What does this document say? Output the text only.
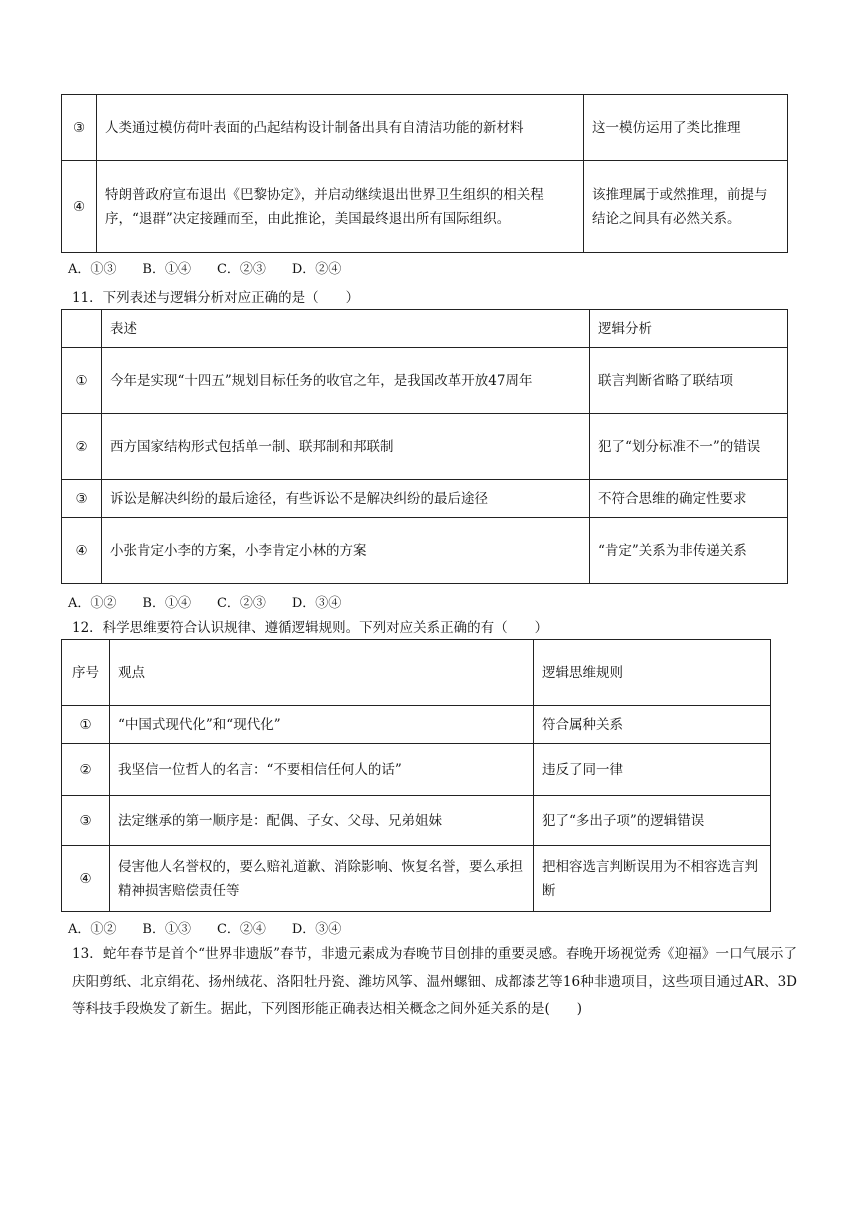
③	人类通过模仿荷叶表面的凸起结构设计制备出具有自清洁功能的新材料	这一模仿运用了类比推理
④	特朗普政府宣布退出《巴黎协定》，并启动继续退出世界卫生组织的相关程序，“退群”决定接踵而至，由此推论，美国最终退出所有国际组织。	该推理属于或然推理，前提与结论之间具有必然关系。
A．①③　　B．①④　　C．②③　　D．②④
11．下列表述与逻辑分析对应正确的是（　　）
	表述	逻辑分析
①	今年是实现“十四五”规划目标任务的收官之年，是我国改革开放47周年	联言判断省略了联结项
②	西方国家结构形式包括单一制、联邦制和邦联制	犯了“划分标准不一”的错误
③	诉讼是解决纠纷的最后途径，有些诉讼不是解决纠纷的最后途径	不符合思维的确定性要求
④	小张肯定小李的方案，小李肯定小林的方案	“肯定”关系为非传递关系
A．①②　　B．①④　　C．②③　　D．③④
12．科学思维要符合认识规律、遵循逻辑规则。下列对应关系正确的有（　　）
序号	观点	逻辑思维规则
①	“中国式现代化”和“现代化”	符合属种关系
②	我坚信一位哲人的名言：“不要相信任何人的话”	违反了同一律
③	法定继承的第一顺序是：配偶、子女、父母、兄弟姐妹	犯了“多出子项”的逻辑错误
④	侵害他人名誉权的，要么赔礼道歉、消除影响、恢复名誉，要么承担精神损害赔偿责任等	把相容选言判断误用为不相容选言判断
A．①②　　B．①③　　C．②④　　D．③④
13．蛇年春节是首个“世界非遗版”春节，非遗元素成为春晚节目创排的重要灵感。春晚开场视觉秀《迎福》一口气展示了庆阳剪纸、北京绢花、扬州绒花、洛阳牡丹瓷、潍坊风筝、温州螺钿、成都漆艺等16种非遗项目，这些项目通过AR、3D等科技手段焕发了新生。据此，下列图形能正确表达相关概念之间外延关系的是(　　)
